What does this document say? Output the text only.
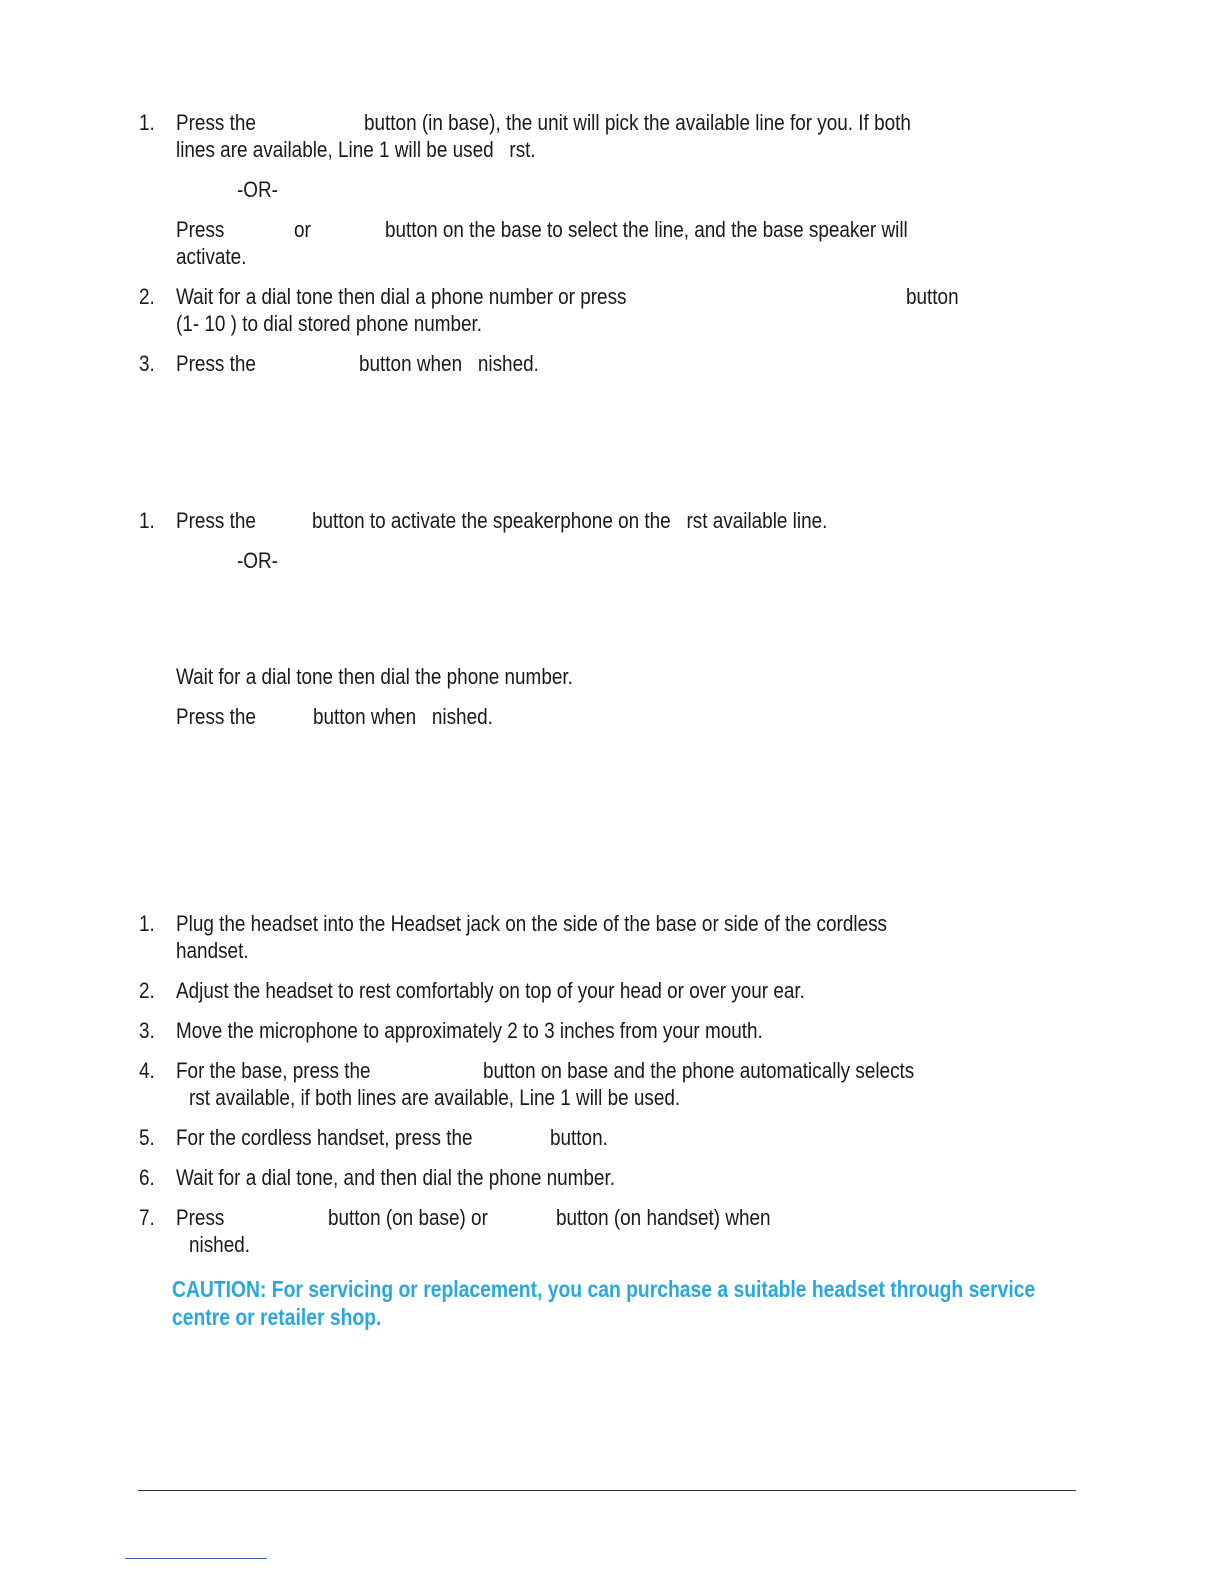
1. Press the	button (in base), the unit will pick the available line for you. If both
lines are available, Line 1 will be used   rst.
-OR-
Press	or	button on the base to select the line, and the base speaker will
activate.
2. Wait for a dial tone then dial a phone number or press	button
(1- 10 ) to dial stored phone number.
3. Press the	button when   nished.
1. Press the	button to activate the speakerphone on the   rst available line.
-OR-
Wait for a dial tone then dial the phone number.
Press the	button when   nished.
1. Plug the headset into the Headset jack on the side of the base or side of the cordless
handset.
2. Adjust the headset to rest comfortably on top of your head or over your ear.
3. Move the microphone to approximately 2 to 3 inches from your mouth.
4. For the base, press the	button on base and the phone automatically selects
rst available, if both lines are available, Line 1 will be used.
5. For the cordless handset, press the	button.
6. Wait for a dial tone, and then dial the phone number.
7. Press	button (on base) or	button (on handset) when
nished.
CAUTION: For servicing or replacement, you can purchase a suitable headset through service
centre or retailer shop.
